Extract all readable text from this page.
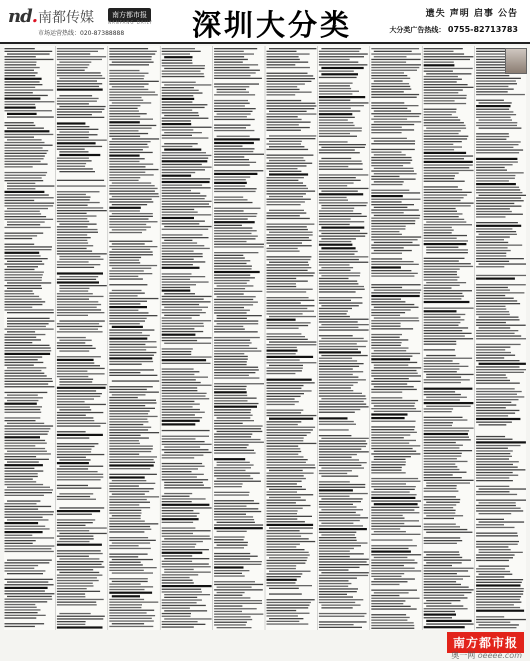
nd. 南都传媒	南方都市报
NANFANG DAILY
市场运营热线：020-87388888 深圳大分类	遗失 声明 启事 公告
大分类广告热线： 0755-82713783
南方都市报
奥一网 oeeee.com
